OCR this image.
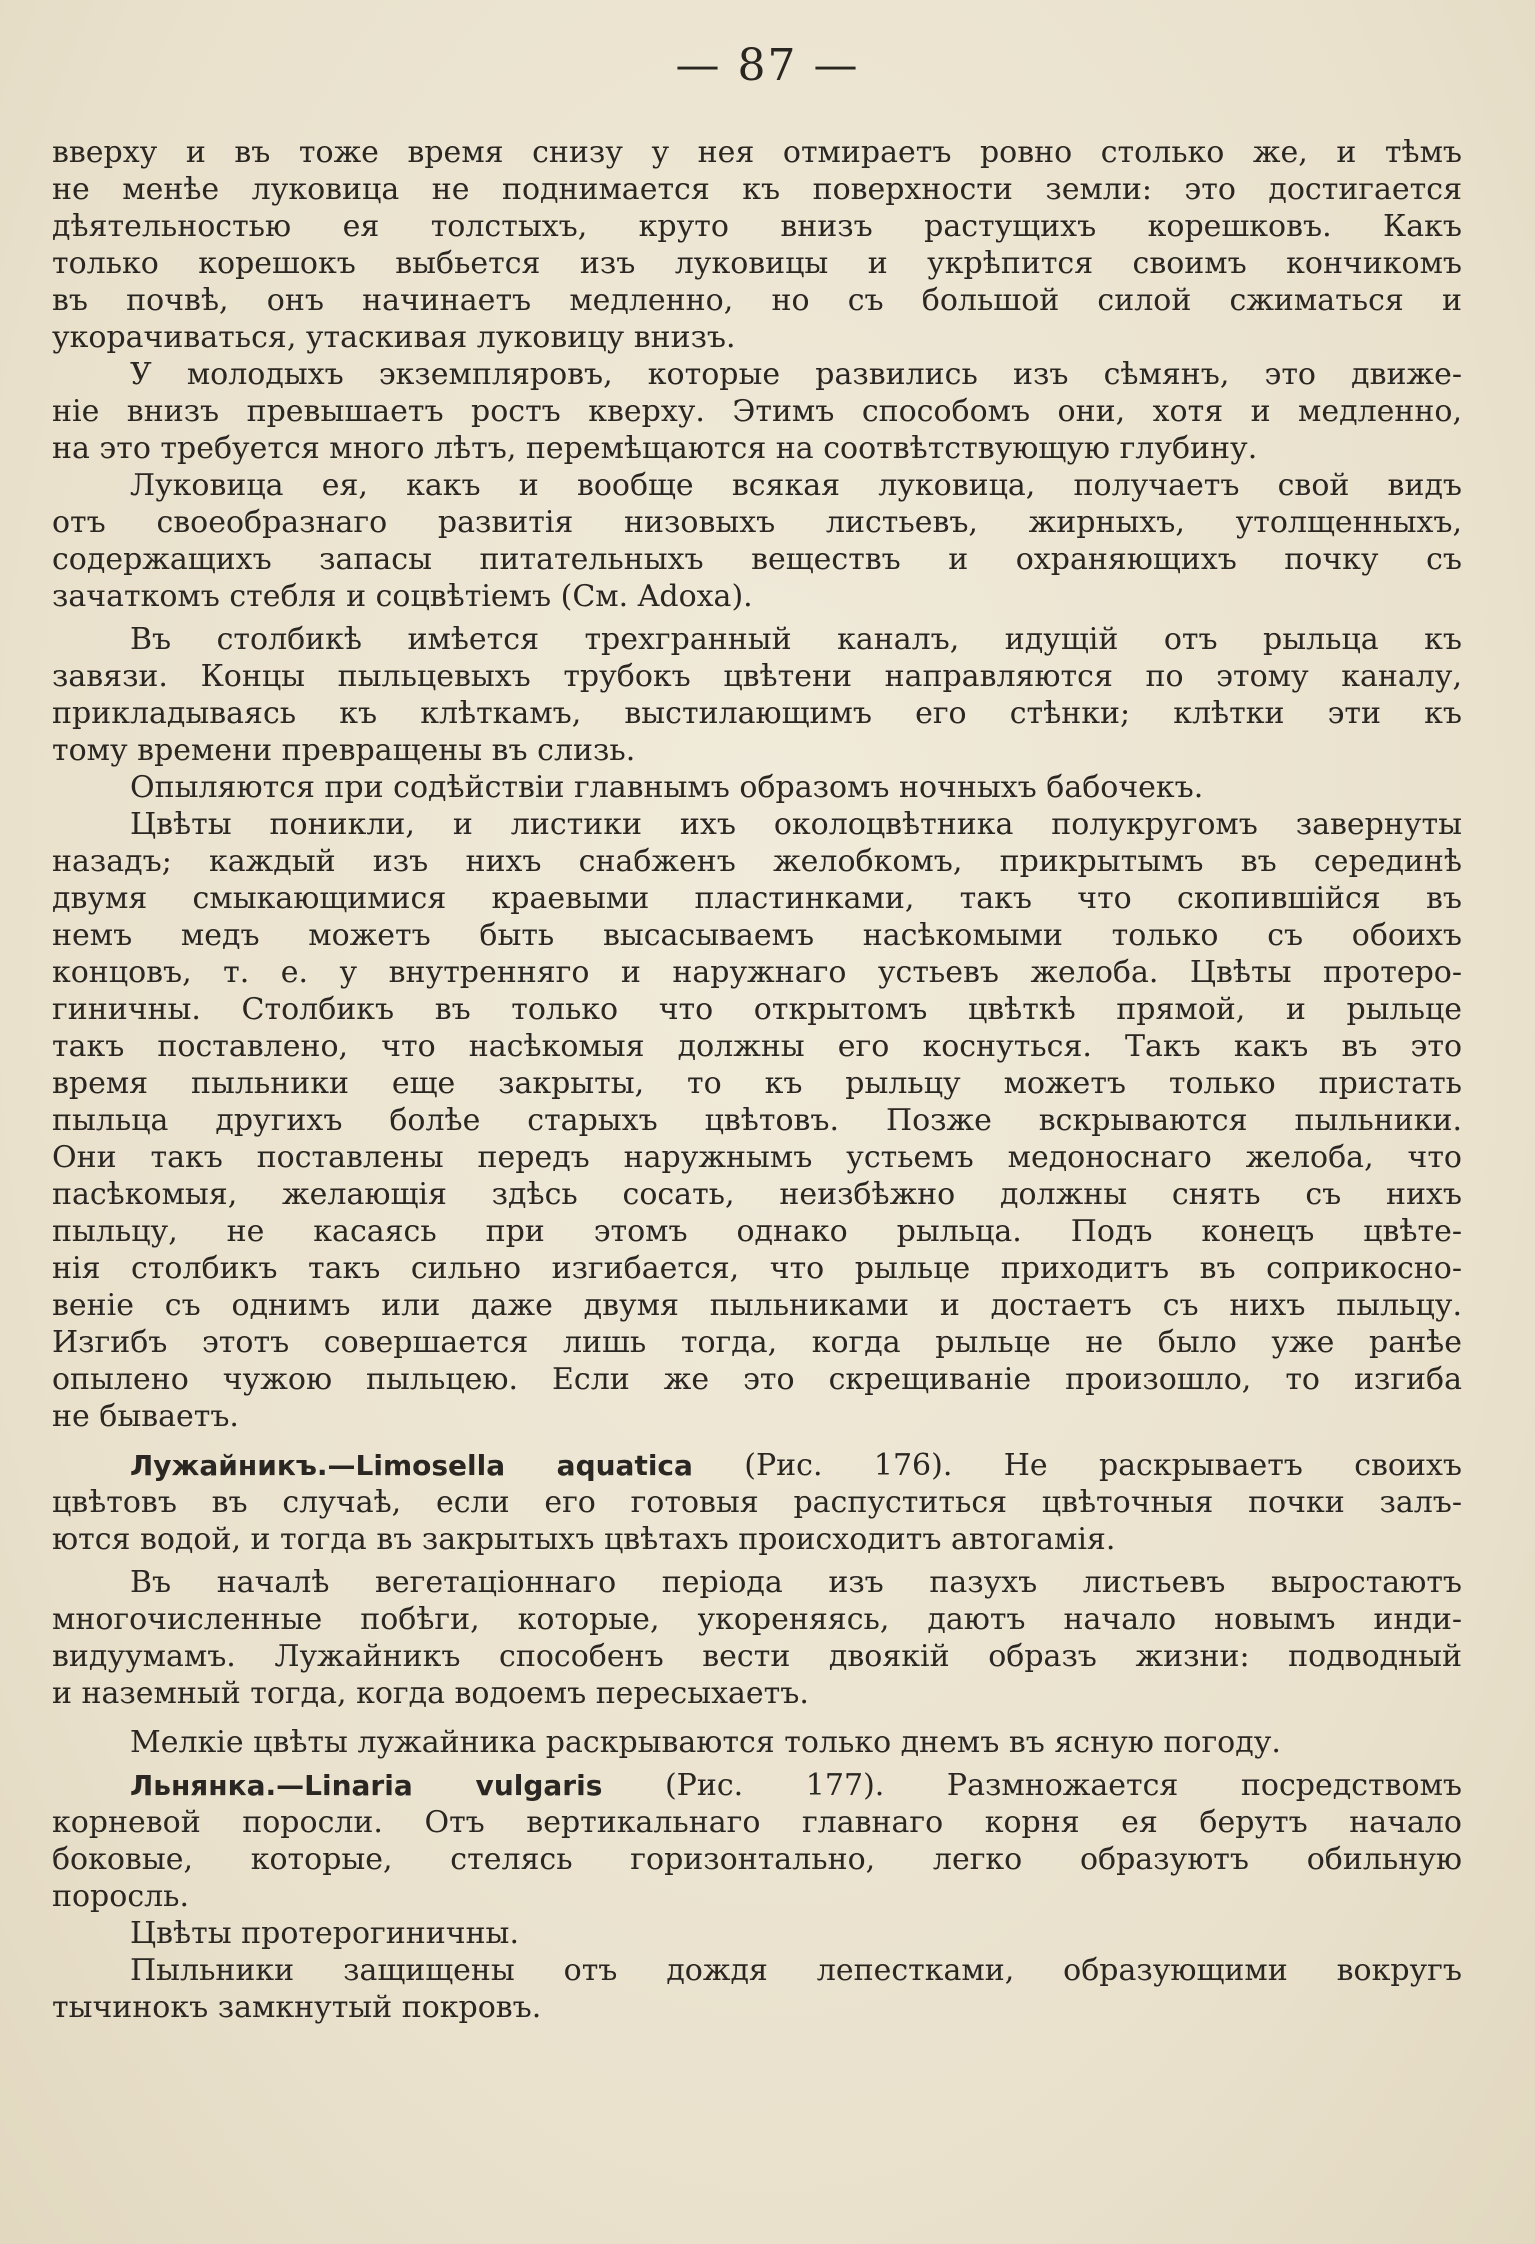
— 87 —

вверху и въ тоже время снизу у нея отмираетъ ровно столько же, и тѣмъ
не менѣе луковица не поднимается къ поверхности земли: это достигается
дѣятельностью ея толстыхъ, круто внизъ растущихъ корешковъ. Какъ
только корешокъ выбьется изъ луковицы и укрѣпится своимъ кончикомъ
въ почвѣ, онъ начинаетъ медленно, но съ большой силой сжиматься и
укорачиваться, утаскивая луковицу внизъ.

У молодыхъ экземпляровъ, которые развились изъ сѣмянъ, это движе-
ніе внизъ превышаетъ ростъ кверху. Этимъ способомъ они, хотя и медленно,
на это требуется много лѣтъ, перемѣщаются на соотвѣтствующую глубину.

Луковица ея, какъ и вообще всякая луковица, получаетъ свой видъ
отъ своеобразнаго развитія низовыхъ листьевъ, жирныхъ, утолщенныхъ,
содержащихъ запасы питательныхъ веществъ и охраняющихъ почку съ
зачаткомъ стебля и соцвѣтіемъ (См. Adoxa).

Въ столбикѣ имѣется трехгранный каналъ, идущій отъ рыльца къ
завязи. Концы пыльцевыхъ трубокъ цвѣтени направляются по этому каналу,
прикладываясь къ клѣткамъ, выстилающимъ его стѣнки; клѣтки эти къ
тому времени превращены въ слизь.

Опыляются при содѣйствіи главнымъ образомъ ночныхъ бабочекъ.

Цвѣты поникли, и листики ихъ околоцвѣтника полукругомъ завернуты
назадъ; каждый изъ нихъ снабженъ желобкомъ, прикрытымъ въ серединѣ
двумя смыкающимися краевыми пластинками, такъ что скопившійся въ
немъ медъ можетъ быть высасываемъ насѣкомыми только съ обоихъ
концовъ, т. е. у внутренняго и наружнаго устьевъ желоба. Цвѣты протеро-
гиничны. Столбикъ въ только что открытомъ цвѣткѣ прямой, и рыльце
такъ поставлено, что насѣкомыя должны его коснуться. Такъ какъ въ это
время пыльники еще закрыты, то къ рыльцу можетъ только пристать
пыльца другихъ болѣе старыхъ цвѣтовъ. Позже вскрываются пыльники.
Они такъ поставлены передъ наружнымъ устьемъ медоноснаго желоба, что
пасѣкомыя, желающія здѣсь сосать, неизбѣжно должны снять съ нихъ
пыльцу, не касаясь при этомъ однако рыльца. Подъ конецъ цвѣте-
нія столбикъ такъ сильно изгибается, что рыльце приходитъ въ соприкосно-
веніе съ однимъ или даже двумя пыльниками и достаетъ съ нихъ пыльцу.
Изгибъ этотъ совершается лишь тогда, когда рыльце не было уже ранѣе
опылено чужою пыльцею. Если же это скрещиваніе произошло, то изгиба
не бываетъ.

Лужайникъ.—Limosella aquatica (Рис. 176). Не раскрываетъ своихъ
цвѣтовъ въ случаѣ, если его готовыя распуститься цвѣточныя почки залъ-
ются водой, и тогда въ закрытыхъ цвѣтахъ происходитъ автогамія.

Въ началѣ вегетаціоннаго періода изъ пазухъ листьевъ выростаютъ
многочисленные побѣги, которые, укореняясь, даютъ начало новымъ инди-
видуумамъ. Лужайникъ способенъ вести двоякій образъ жизни: подводный
и наземный тогда, когда водоемъ пересыхаетъ.

Мелкіе цвѣты лужайника раскрываются только днемъ въ ясную погоду.

Льнянка.—Linaria vulgaris (Рис. 177). Размножается посредствомъ
корневой поросли. Отъ вертикальнаго главнаго корня ея берутъ начало
боковые, которые, стелясь горизонтально, легко образуютъ обильную
поросль.

Цвѣты протерогиничны.

Пыльники защищены отъ дождя лепестками, образующими вокругъ
тычинокъ замкнутый покровъ.
